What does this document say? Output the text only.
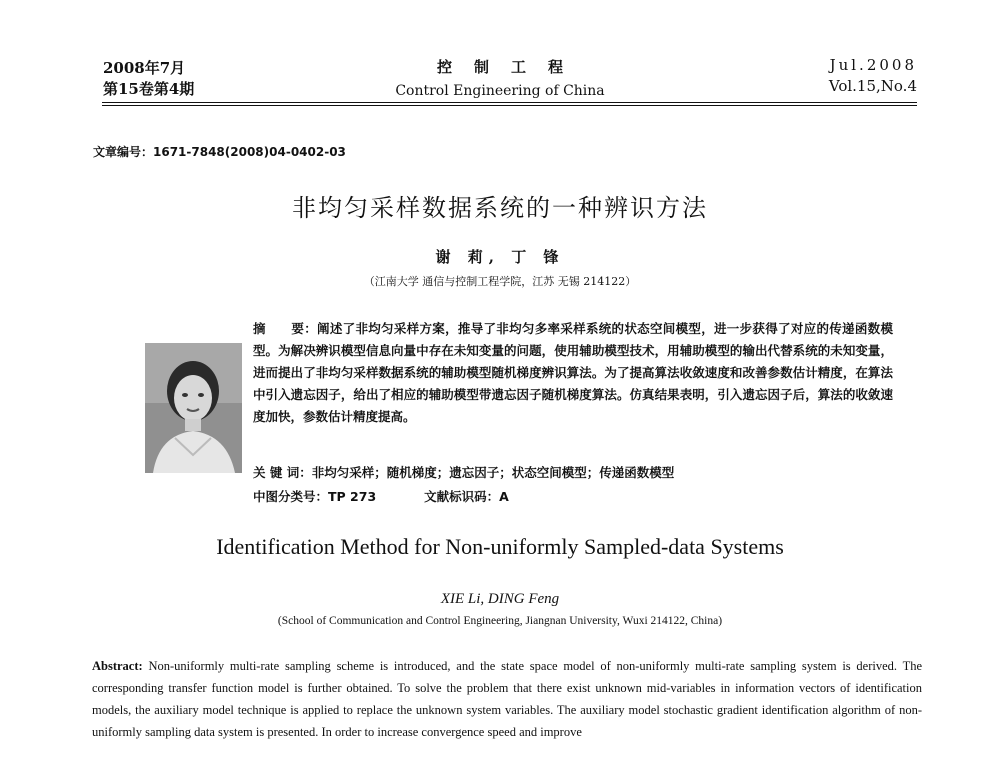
2008年7月
第15卷第4期
控制工程
Control Engineering of China
Jul.2008
Vol.15,No.4
文章编号：1671-7848(2008)04-0402-03
非均匀采样数据系统的一种辨识方法
谢 莉, 丁 锋
（江南大学 通信与控制工程学院，江苏 无锡 214122）
摘　　要：阐述了非均匀采样方案，推导了非均匀多率采样系统的状态空间模型，进一步获得了对应的传递函数模型。为解决辨识模型信息向量中存在未知变量的问题，使用辅助模型技术，用辅助模型的输出代替系统的未知变量，进而提出了非均匀采样数据系统的辅助模型随机梯度辨识算法。为了提高算法收敛速度和改善参数估计精度，在算法中引入遗忘因子，给出了相应的辅助模型带遗忘因子随机梯度算法。仿真结果表明，引入遗忘因子后，算法的收敛速度加快，参数估计精度提高。
关 键 词：非均匀采样；随机梯度；遗忘因子；状态空间模型；传递函数模型
中图分类号：TP 273	文献标识码：A
Identification Method for Non-uniformly Sampled-data Systems
XIE Li, DING Feng
(School of Communication and Control Engineering, Jiangnan University, Wuxi 214122, China)
Abstract: Non-uniformly multi-rate sampling scheme is introduced, and the state space model of non-uniformly multi-rate sampling system is derived. The corresponding transfer function model is further obtained. To solve the problem that there exist unknown mid-variables in information vectors of identification models, the auxiliary model technique is applied to replace the unknown system variables. The auxiliary model stochastic gradient identification algorithm of non-uniformly sampling data system is presented. In order to increase convergence speed and improve
